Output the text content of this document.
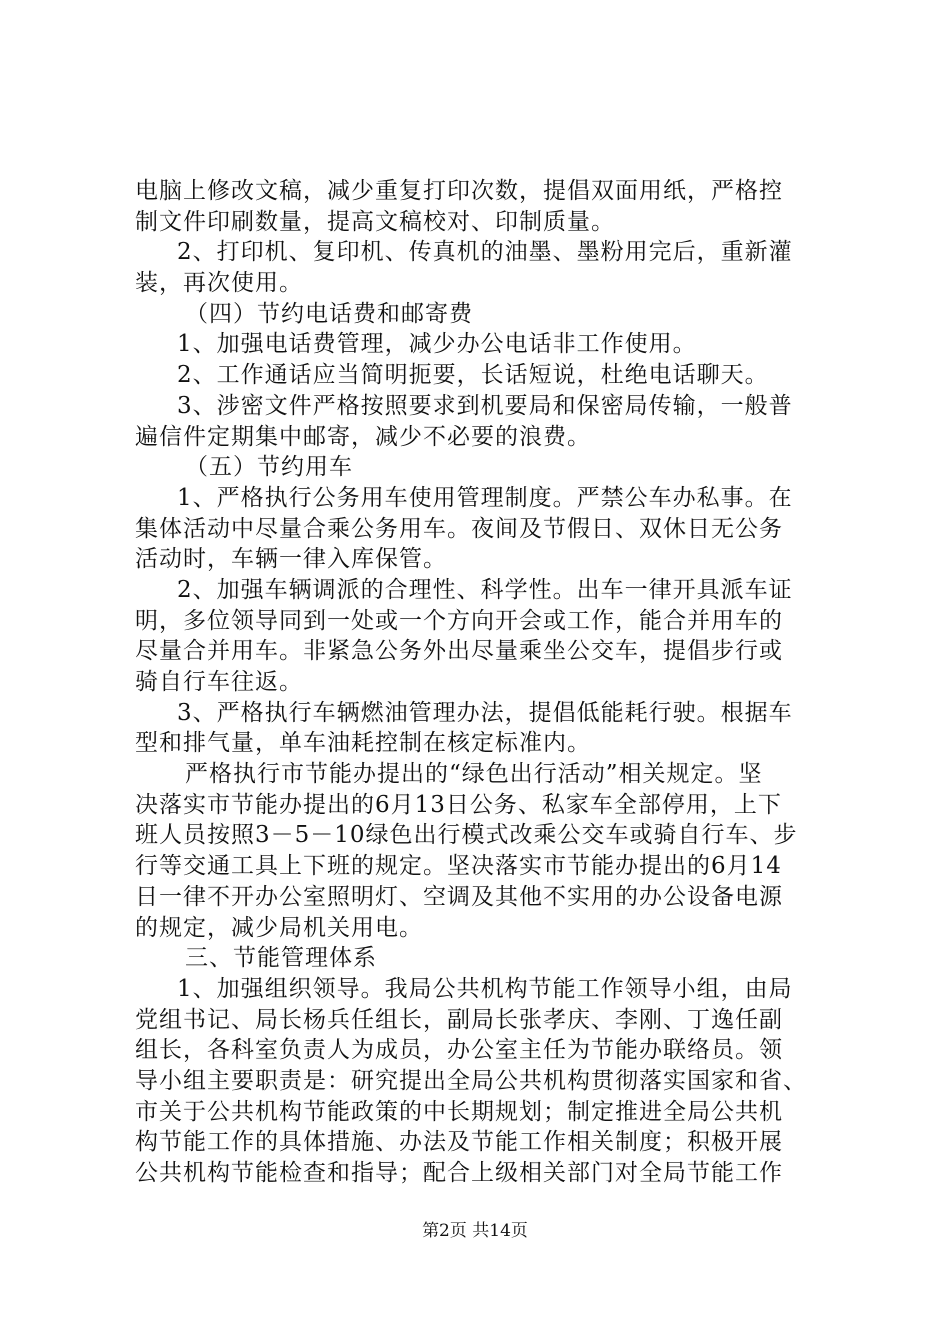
电脑上修改文稿，减少重复打印次数，提倡双面用纸，严格控
制文件印刷数量，提高文稿校对、印制质量。
2、打印机、复印机、传真机的油墨、墨粉用完后，重新灌
装，再次使用。
（四）节约电话费和邮寄费
1、加强电话费管理，减少办公电话非工作使用。
2、工作通话应当简明扼要，长话短说，杜绝电话聊天。
3、涉密文件严格按照要求到机要局和保密局传输，一般普
遍信件定期集中邮寄，减少不必要的浪费。
（五）节约用车
1、严格执行公务用车使用管理制度。严禁公车办私事。在
集体活动中尽量合乘公务用车。夜间及节假日、双休日无公务
活动时，车辆一律入库保管。
2、加强车辆调派的合理性、科学性。出车一律开具派车证
明，多位领导同到一处或一个方向开会或工作，能合并用车的
尽量合并用车。非紧急公务外出尽量乘坐公交车，提倡步行或
骑自行车往返。
3、严格执行车辆燃油管理办法，提倡低能耗行驶。根据车
型和排气量，单车油耗控制在核定标准内。
严格执行市节能办提出的“绿色出行活动”相关规定。坚
决落实市节能办提出的6月13日公务、私家车全部停用，上下
班人员按照3－5－10绿色出行模式改乘公交车或骑自行车、步
行等交通工具上下班的规定。坚决落实市节能办提出的6月14
日一律不开办公室照明灯、空调及其他不实用的办公设备电源
的规定，减少局机关用电。
三、节能管理体系
1、加强组织领导。我局公共机构节能工作领导小组，由局
党组书记、局长杨兵任组长，副局长张孝庆、李刚、丁逸任副
组长，各科室负责人为成员，办公室主任为节能办联络员。领
导小组主要职责是：研究提出全局公共机构贯彻落实国家和省、
市关于公共机构节能政策的中长期规划；制定推进全局公共机
构节能工作的具体措施、办法及节能工作相关制度；积极开展
公共机构节能检查和指导；配合上级相关部门对全局节能工作
第2页 共14页
